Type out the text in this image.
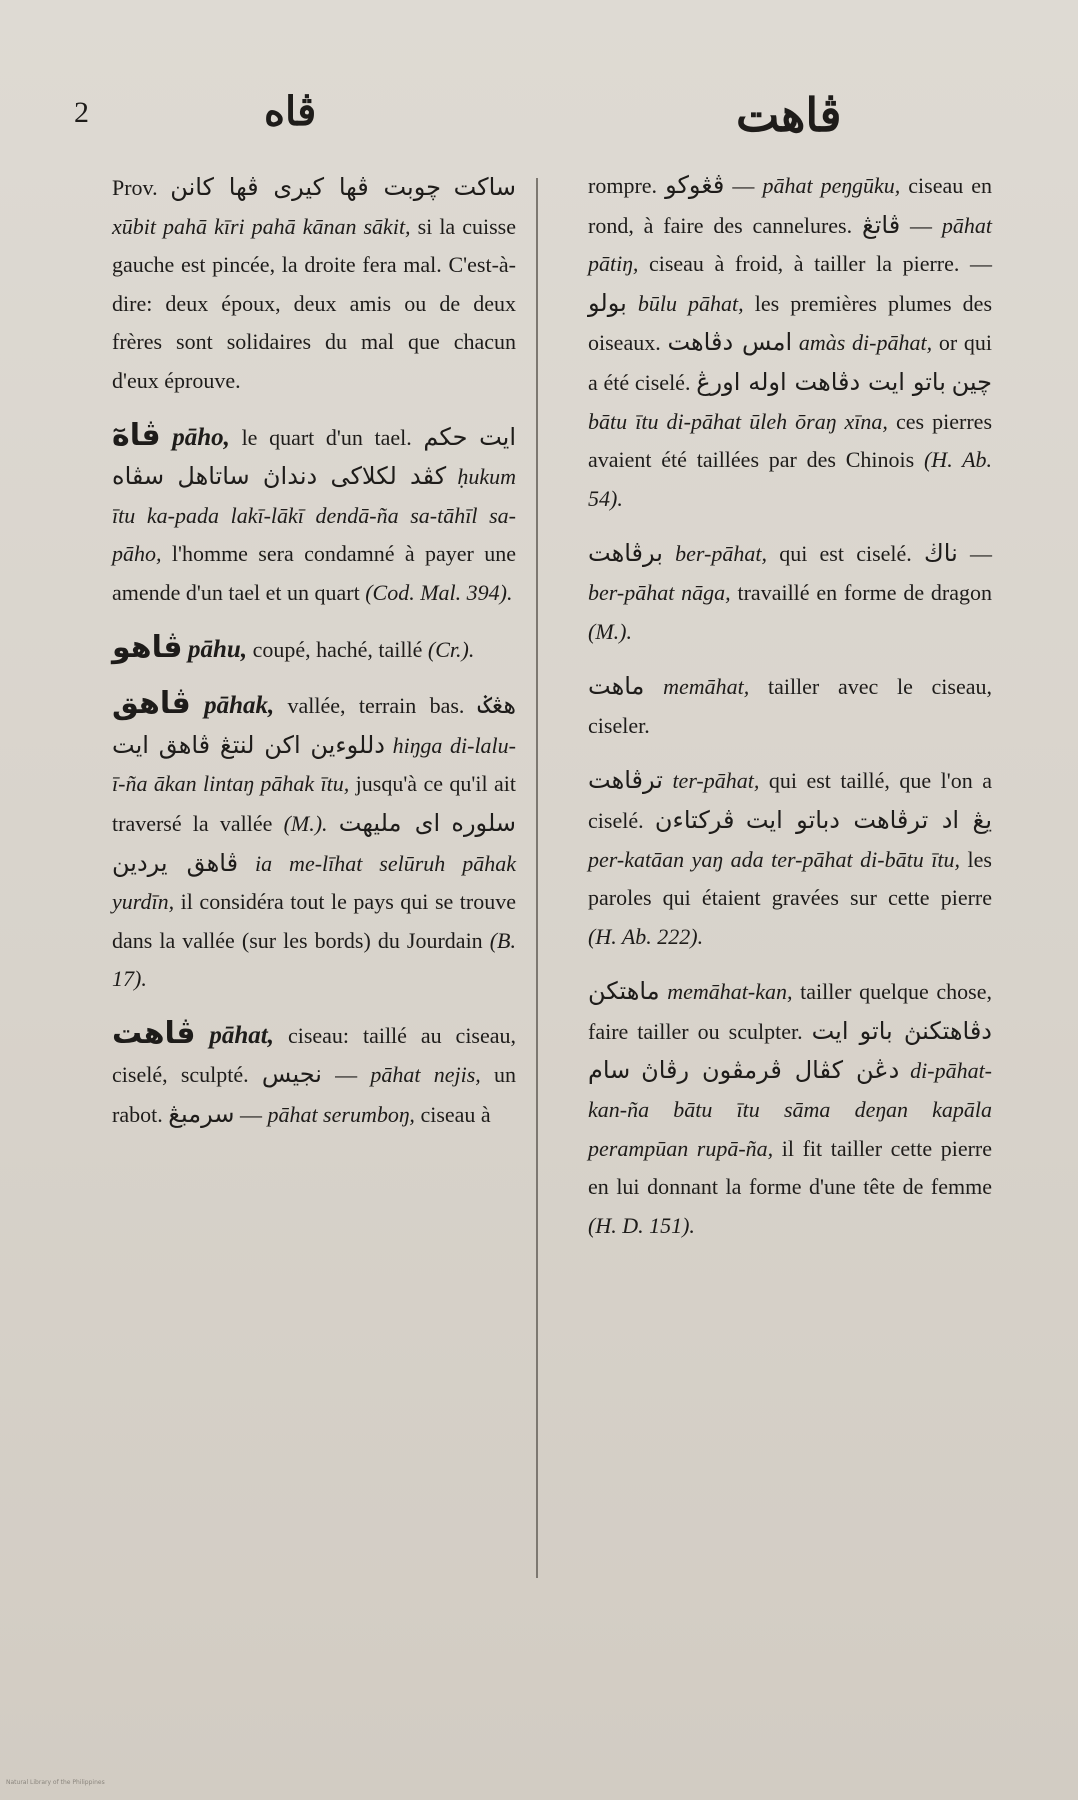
2	ڤاه	ڤاهت

Prov. چوبت ڤها كيرى ڤها كانن ساكت xūbit pahā kīri pahā kānan sākit, si la cuisse gauche est pincée, la droite fera mal. C'est-à-dire: deux époux, deux amis ou de deux frères sont solidaires du mal que chacun d'eux éprouve.

ڤاهٓ pāho, le quart d'un tael. حكم ايت كڤد لكلاكى دنداڽ ساتاهل سڤاه ḥukum ītu ka-pada lakī-lākī dendā-ña sa-tāhīl sa-pāho, l'homme sera condamné à payer une amende d'un tael et un quart (Cod. Mal. 394).

ڤاهو pāhu, coupé, haché, taillé (Cr.).

ڤاهق pāhak, vallée, terrain bas. هڠݢ دللوءين اكن لنتڠ ڤاهق ايت hiŋga di-lalu-ī-ña ākan lintaŋ pāhak ītu, jusqu'à ce qu'il ait traversé la vallée (M.). اى مليهت سلوره ڤاهق يردين ia me-līhat selūruh pāhak yurdīn, il considéra tout le pays qui se trouve dans la vallée (sur les bords) du Jourdain (B. 17).

ڤاهت pāhat, ciseau: taillé au ciseau, ciselé, sculpté. نجيس — pāhat nejis, un rabot. سرمبڠ — pāhat serumboŋ, ciseau à

rompre. ڤڠوكو — pāhat peŋgūku, ciseau en rond, à faire des cannelures. ڤاتڠ — pāhat pātiŋ, ciseau à froid, à tailler la pierre. — بولو būlu pāhat, les premières plumes des oiseaux. امس دڤاهت amàs di-pāhat, or qui a été ciselé. باتو ايت دڤاهت اوله اورڠ چين bātu ītu di-pāhat ūleh ōraŋ xīna, ces pierres avaient été taillées par des Chinois (H. Ab. 54).

برڤاهت ber-pāhat, qui est ciselé. ناڬ — ber-pāhat nāga, travaillé en forme de dragon (M.).

ماهت memāhat, tailler avec le ciseau, ciseler.

ترڤاهت ter-pāhat, qui est taillé, que l'on a ciselé. ڤركتاءن يڠ اد ترڤاهت دباتو ايت per-katāan yaŋ ada ter-pāhat di-bātu ītu, les paroles qui étaient gravées sur cette pierre (H. Ab. 222).

ماهتكن memāhat-kan, tailler quelque chose, faire tailler ou sculpter. دڤاهتكنڽ باتو ايت سام دڠن كڤال ڤرمڤون رڤاڽ di-pāhat-kan-ña bātu ītu sāma deŋan kapāla perampūan rupā-ña, il fit tailler cette pierre en lui donnant la forme d'une tête de femme (H. D. 151).

Natural Library of the Philippines
